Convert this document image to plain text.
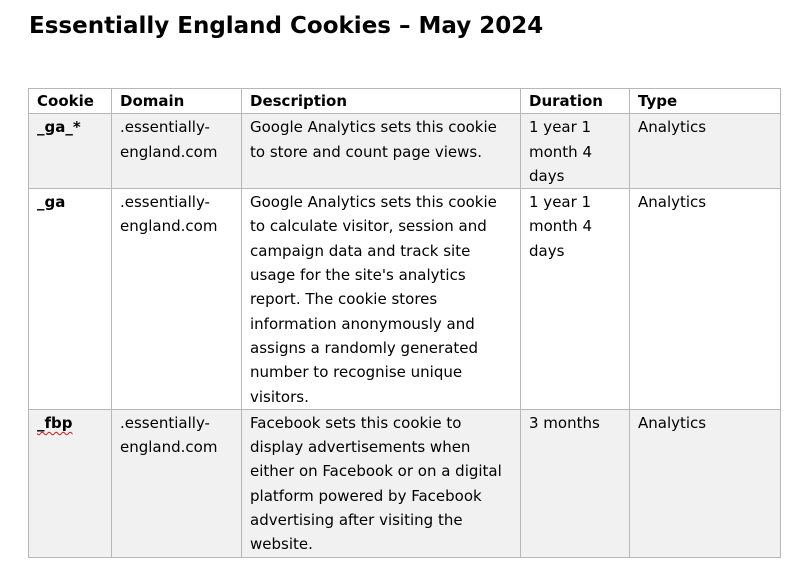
Essentially England Cookies – May 2024
Cookie	Domain	Description	Duration	Type
_ga_*	.essentially-england.com	Google Analytics sets this cookie to store and count page views.	1 year 1 month 4 days	Analytics
_ga	.essentially-england.com	Google Analytics sets this cookie to calculate visitor, session and campaign data and track site usage for the site's analytics report. The cookie stores information anonymously and assigns a randomly generated number to recognise unique visitors.	1 year 1 month 4 days	Analytics
_fbp	.essentially-england.com	Facebook sets this cookie to display advertisements when either on Facebook or on a digital platform powered by Facebook advertising after visiting the website.	3 months	Analytics
